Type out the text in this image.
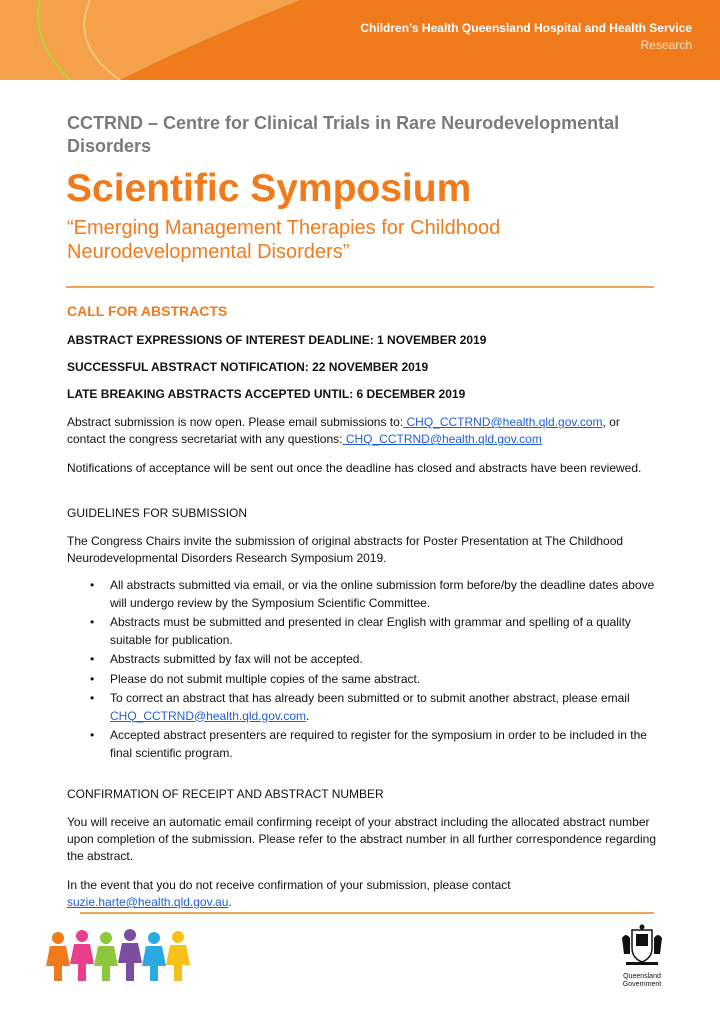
Children’s Health Queensland Hospital and Health Service
Research
CCTRND – Centre for Clinical Trials in Rare Neurodevelopmental Disorders
Scientific Symposium
“Emerging Management Therapies for Childhood Neurodevelopmental Disorders”
CALL FOR ABSTRACTS
ABSTRACT EXPRESSIONS OF INTEREST DEADLINE: 1 NOVEMBER 2019
SUCCESSFUL ABSTRACT NOTIFICATION: 22 NOVEMBER 2019
LATE BREAKING ABSTRACTS ACCEPTED UNTIL: 6 DECEMBER 2019
Abstract submission is now open. Please email submissions to: CHQ_CCTRND@health.qld.gov.com, or contact the congress secretariat with any questions: CHQ_CCTRND@health.qld.gov.com
Notifications of acceptance will be sent out once the deadline has closed and abstracts have been reviewed.
GUIDELINES FOR SUBMISSION
The Congress Chairs invite the submission of original abstracts for Poster Presentation at The Childhood Neurodevelopmental Disorders Research Symposium 2019.
• All abstracts submitted via email, or via the online submission form before/by the deadline dates above will undergo review by the Symposium Scientific Committee.
• Abstracts must be submitted and presented in clear English with grammar and spelling of a quality suitable for publication.
• Abstracts submitted by fax will not be accepted.
• Please do not submit multiple copies of the same abstract.
• To correct an abstract that has already been submitted or to submit another abstract, please email
CHQ_CCTRND@health.qld.gov.com.
• Accepted abstract presenters are required to register for the symposium in order to be included in the final scientific program.
CONFIRMATION OF RECEIPT AND ABSTRACT NUMBER
You will receive an automatic email confirming receipt of your abstract including the allocated abstract number upon completion of the submission. Please refer to the abstract number in all further correspondence regarding the abstract.
In the event that you do not receive confirmation of your submission, please contact
suzie.harte@health.qld.gov.au.
Queensland
Government
